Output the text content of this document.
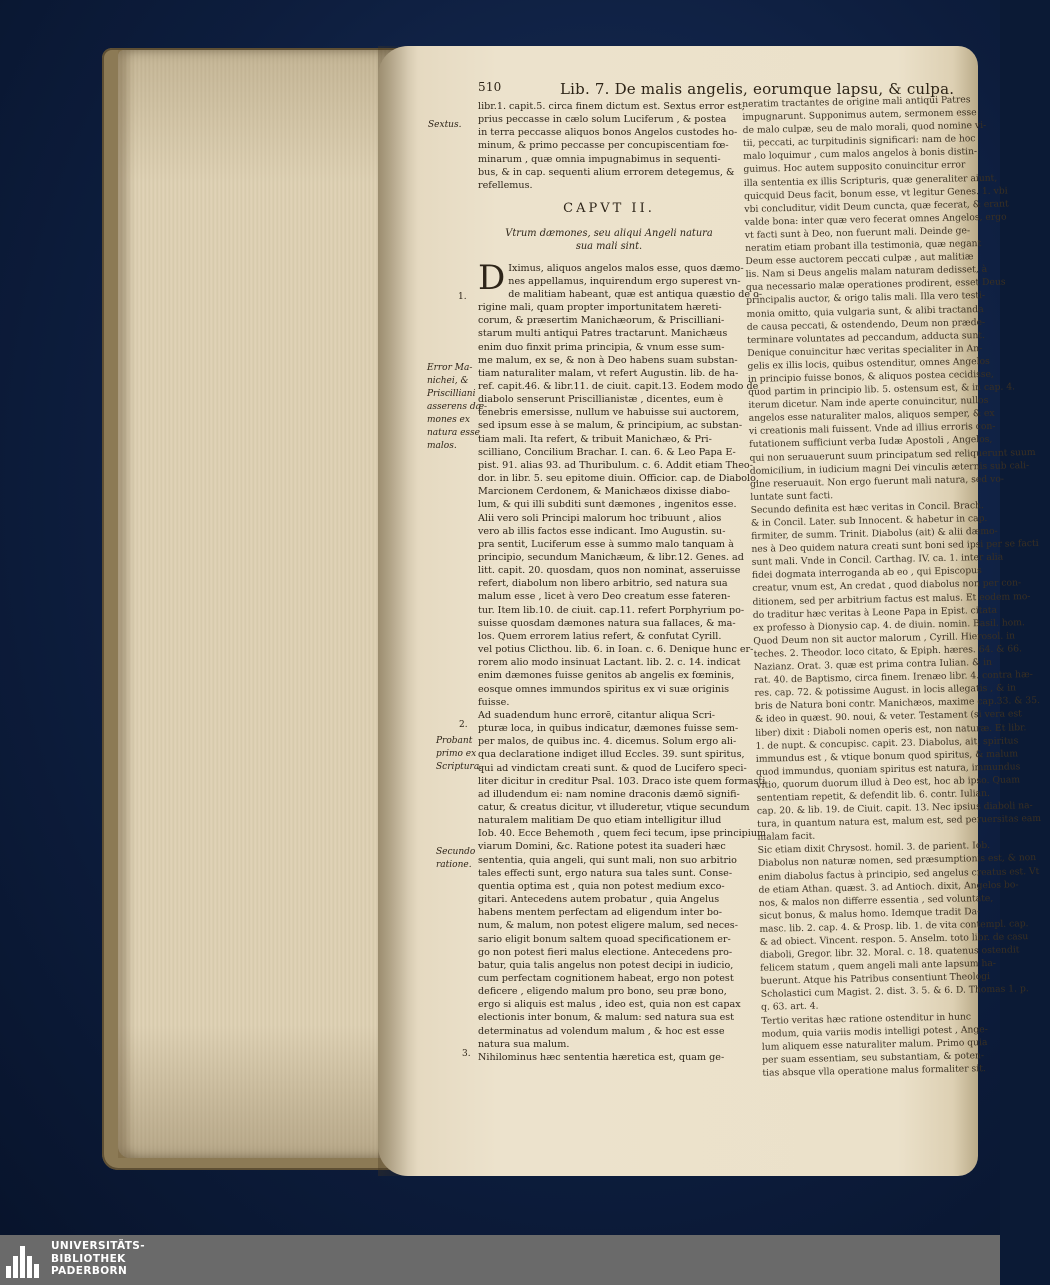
510	Lib. 7. De malis angelis, eorumque lapsu, & culpa.
Sextus.
1.
Error Ma-
nichei, &
Priscilliani
asserens dæ-
mones ex
natura esse
malos.
2.
Probant
primo ex
Scriptura.
Secundo
ratione.
3.
libr.1. capit.5. circa finem dictum est. Sextus error est,
prius peccasse in cælo solum Luciferum , & postea
in terra peccasse aliquos bonos Angelos custodes ho-
minum, & primo peccasse per concupiscentiam fœ-
minarum , quæ omnia impugnabimus in sequenti-
bus, & in cap. sequenti alium errorem detegemus, &
refellemus.
CAPVT II.
Vtrum dæmones, seu aliqui Angeli natura
sua mali sint.
D Iximus, aliquos angelos malos esse, quos dæmo-
nes appellamus, inquirendum ergo superest vn-
de malitiam habeant, quæ est antiqua quæstio de o-
rigine mali, quam propter importunitatem hæreti-
corum, & præsertim Manichæorum, & Priscilliani-
starum multi antiqui Patres tractarunt. Manichæus
enim duo finxit prima principia, & vnum esse sum-
me malum, ex se, & non à Deo habens suam substan-
tiam naturaliter malam, vt refert Augustin. lib. de ha-
ref. capit.46. & libr.11. de ciuit. capit.13. Eodem modo de
diabolo senserunt Priscillianistæ , dicentes, eum è
tenebris emersisse, nullum ve habuisse sui auctorem,
sed ipsum esse à se malum, & principium, ac substan-
tiam mali. Ita refert, & tribuit Manichæo, & Pri-
scilliano, Concilium Brachar. I. can. 6. & Leo Papa E-
pist. 91. alias 93. ad Thuribulum. c. 6. Addit etiam Theo-
dor. in libr. 5. seu epitome diuin. Officior. cap. de Diabolo,
Marcionem Cerdonem, & Manichæos dixisse diabo-
lum, & qui illi subditi sunt dæmones , ingenitos esse.
Alii vero soli Principi malorum hoc tribuunt , alios
vero ab illis factos esse indicant. Imo Augustin. su-
pra sentit, Luciferum esse à summo malo tanquam à
principio, secundum Manichæum, & libr.12. Genes. ad
litt. capit. 20. quosdam, quos non nominat, asseruisse
refert, diabolum non libero arbitrio, sed natura sua
malum esse , licet à vero Deo creatum esse fateren-
tur. Item lib.10. de ciuit. cap.11. refert Porphyrium po-
suisse quosdam dæmones natura sua fallaces, & ma-
los. Quem errorem latius refert, & confutat Cyrill.
vel potius Clicthou. lib. 6. in Ioan. c. 6. Denique hunc er-
rorem alio modo insinuat Lactant. lib. 2. c. 14. indicat
enim dæmones fuisse genitos ab angelis ex fœminis,
eosque omnes immundos spiritus ex vi suæ originis
fuisse.
Ad suadendum hunc errorē, citantur aliqua Scri-
pturæ loca, in quibus indicatur, dæmones fuisse sem-
per malos, de quibus inc. 4. dicemus. Solum ergo ali-
qua declaratione indiget illud Eccles. 39. sunt spiritus,
qui ad vindictam creati sunt. & quod de Lucifero speci-
liter dicitur in creditur Psal. 103. Draco iste quem formasti
ad illudendum ei: nam nomine draconis dæmō signifi-
catur, & creatus dicitur, vt illuderetur, vtique secundum
naturalem malitiam De quo etiam intelligitur illud
Iob. 40. Ecce Behemoth , quem feci tecum, ipse principium
viarum Domini, &c. Ratione potest ita suaderi hæc
sententia, quia angeli, qui sunt mali, non suo arbitrio
tales effecti sunt, ergo natura sua tales sunt. Conse-
quentia optima est , quia non potest medium exco-
gitari. Antecedens autem probatur , quia Angelus
habens mentem perfectam ad eligendum inter bo-
num, & malum, non potest eligere malum, sed neces-
sario eligit bonum saltem quoad specificationem er-
go non potest fieri malus electione. Antecedens pro-
batur, quia talis angelus non potest decipi in iudicio,
cum perfectam cognitionem habeat, ergo non potest
deficere , eligendo malum pro bono, seu præ bono,
ergo si aliquis est malus , ideo est, quia non est capax
electionis inter bonum, & malum: sed natura sua est
determinatus ad volendum malum , & hoc est esse
natura sua malum.
Nihilominus hæc sententia hæretica est, quam ge-
neratim tractantes de origine mali antiqui Patres
impugnarunt. Supponimus autem, sermonem esse
de malo culpæ, seu de malo morali, quod nomine vi-
tii, peccati, ac turpitudinis significari: nam de hoc
malo loquimur , cum malos angelos à bonis distin-
guimus. Hoc autem supposito conuincitur error
illa sententia ex illis Scripturis, quæ generaliter aiunt,
quicquid Deus facit, bonum esse, vt legitur Genes. 1. vbi
vbi concluditur, vidit Deum cuncta, quæ fecerat, & erant
valde bona: inter quæ vero fecerat omnes Angelos, ergo
vt facti sunt à Deo, non fuerunt mali. Deinde ge-
neratim etiam probant illa testimonia, quæ negant
Deum esse auctorem peccati culpæ , aut malitiæ
lis. Nam si Deus angelis malam naturam dedisset, à
qua necessario malæ operationes prodirent, esset Deus
principalis auctor, & origo talis mali. Illa vero testi-
monia omitto, quia vulgaria sunt, & alibi tractanda
de causa peccati, & ostendendo, Deum non præde-
terminare voluntates ad peccandum, adducta sunt.
Denique conuincitur hæc veritas specialiter in An-
gelis ex illis locis, quibus ostenditur, omnes Angelos
in principio fuisse bonos, & aliquos postea cecidisse,
quod partim in principio lib. 5. ostensum est, & in cap. 4.
iterum dicetur. Nam inde aperte conuincitur, nullos
angelos esse naturaliter malos, aliquos semper, & ex
vi creationis mali fuissent. Vnde ad illius erroris con-
futationem sufficiunt verba Iudæ Apostoli , Angelos,
qui non seruauerunt suum principatum sed reliquerunt suum
domicilium, in iudicium magni Dei vinculis æternis sub cali-
gine reseruauit. Non ergo fuerunt mali natura, sed vo-
luntate sunt facti.
Secundo definita est hæc veritas in Concil. Brach.
& in Concil. Later. sub Innocent. & habetur in cap.
firmiter, de summ. Trinit. Diabolus (ait) & alii dæmo-
nes à Deo quidem natura creati sunt boni sed ipsi per se facti
sunt mali. Vnde in Concil. Carthag. IV. ca. 1. inter alia
fidei dogmata interroganda ab eo , qui Episcopus
creatur, vnum est, An credat , quod diabolus non per con-
ditionem, sed per arbitrium factus est malus. Et eodem mo-
do traditur hæc veritas à Leone Papa in Epist. citata
ex professo à Dionysio cap. 4. de diuin. nomin. Basil. hom.
Quod Deum non sit auctor malorum , Cyrill. Hierosol. in
teches. 2. Theodor. loco citato, & Epiph. hæres. 64. & 66.
Nazianz. Orat. 3. quæ est prima contra Iulian. & in
rat. 40. de Baptismo, circa finem. Irenæo libr. 4. contra hæ-
res. cap. 72. & potissime August. in locis allegatis , & in
bris de Natura boni contr. Manichæos, maxime cap.33. & 35.
& ideo in quæst. 90. noui, & veter. Testament (si vera est
liber) dixit : Diaboli nomen operis est, non naturæ. Et libr.
1. de nupt. & concupisc. capit. 23. Diabolus, ait, spiritus
immundus est , & vtique bonum quod spiritus, & malum
quod immundus, quoniam spiritus est natura, immundus
vitio, quorum duorum illud à Deo est, hoc ab ipso. Quam
sententiam repetit, & defendit lib. 6. contr. Iulian.
cap. 20. & lib. 19. de Ciuit. capit. 13. Nec ipsius diaboli na-
tura, in quantum natura est, malum est, sed peruersitas eam
malam facit.
Sic etiam dixit Chrysost. homil. 3. de parient. Iob.
Diabolus non naturæ nomen, sed præsumptionis est, & non
enim diabolus factus à principio, sed angelus creatus est. Vt
de etiam Athan. quæst. 3. ad Antioch. dixit, Angelos bo-
nos, & malos non differre essentia , sed voluntate,
sicut bonus, & malus homo. Idemque tradit Da-
masc. lib. 2. cap. 4. & Prosp. lib. 1. de vita contempl. cap.
& ad obiect. Vincent. respon. 5. Anselm. toto libr. de casu
diaboli, Gregor. libr. 32. Moral. c. 18. quatenus ostendit
felicem statum , quem angeli mali ante lapsum ha-
buerunt. Atque his Patribus consentiunt Theologi
Scholastici cum Magist. 2. dist. 3. 5. & 6. D. Thomas 1. p.
q. 63. art. 4.
Tertio veritas hæc ratione ostenditur in hunc
modum, quia variis modis intelligi potest , Ange-
lum aliquem esse naturaliter malum. Primo quia
per suam essentiam, seu substantiam, & poten-
tias absque vlla operatione malus formaliter sit.
UNIVERSITÄTS-
BIBLIOTHEK
PADERBORN
